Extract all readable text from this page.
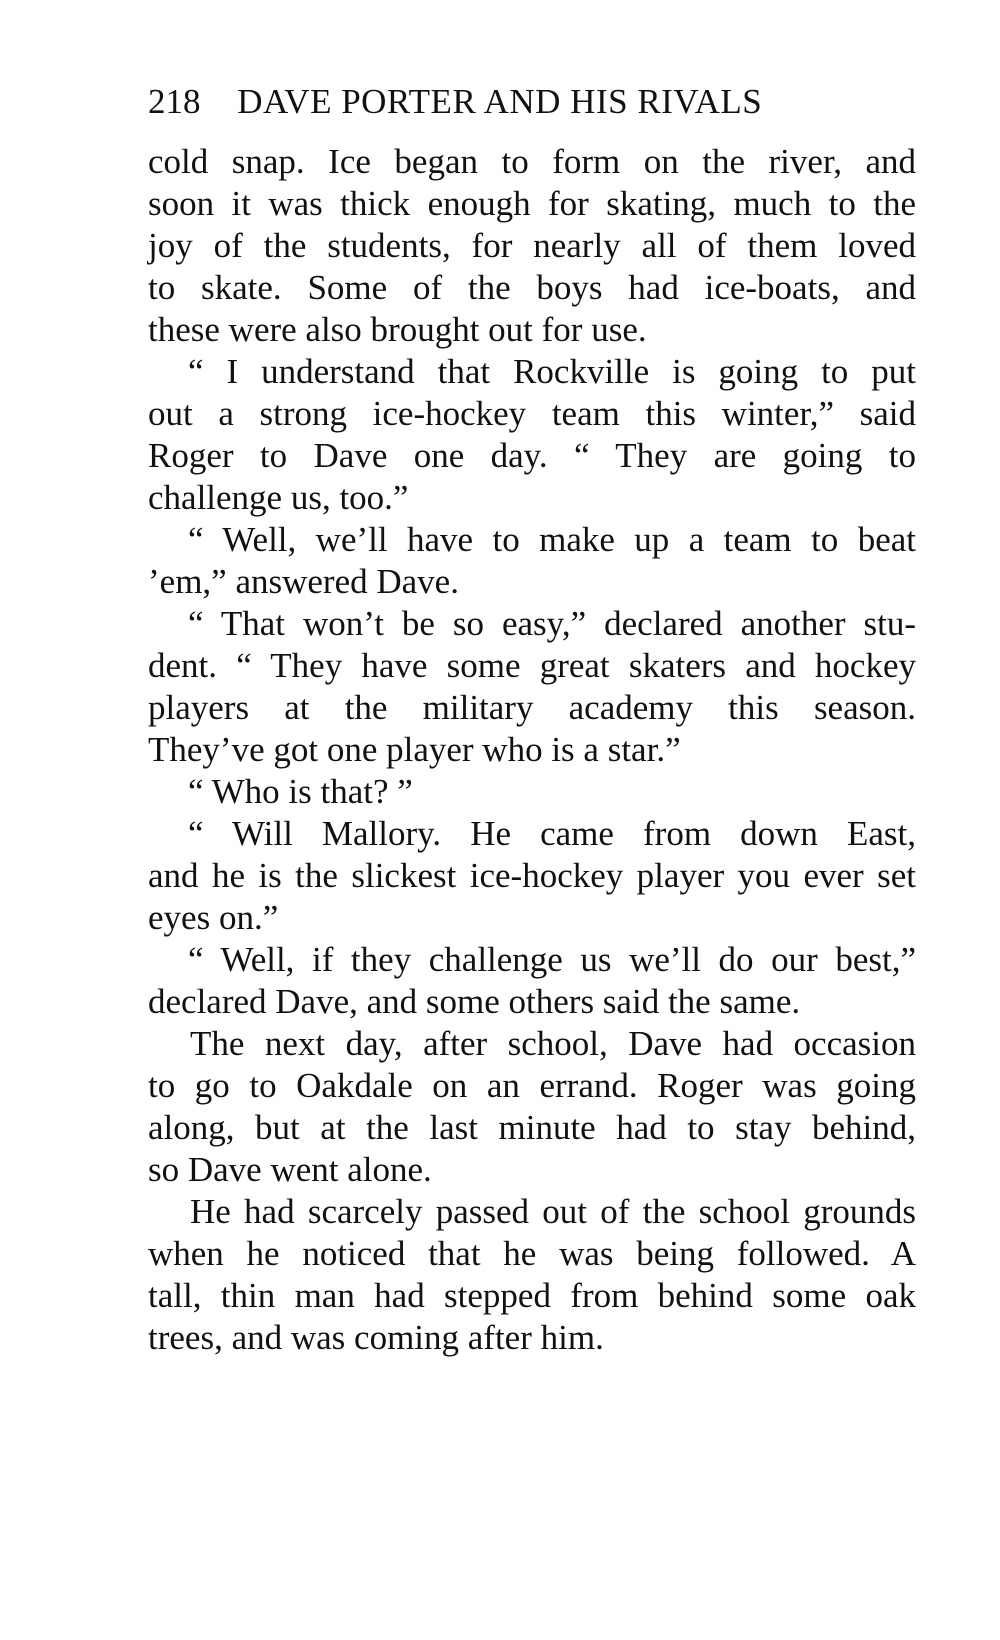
218 DAVE PORTER AND HIS RIVALS
cold snap. Ice began to form on the river, and
soon it was thick enough for skating, much to the
joy of the students, for nearly all of them loved
to skate. Some of the boys had ice-boats, and
these were also brought out for use.
“ I understand that Rockville is going to put
out a strong ice-hockey team this winter,” said
Roger to Dave one day. “ They are going to
challenge us, too.”
“ Well, we’ll have to make up a team to beat
’em,” answered Dave.
“ That won’t be so easy,” declared another stu-
dent. “ They have some great skaters and hockey
players at the military academy this season.
They’ve got one player who is a star.”
“ Who is that? ”
“ Will Mallory. He came from down East,
and he is the slickest ice-hockey player you ever set
eyes on.”
“ Well, if they challenge us we’ll do our best,”
declared Dave, and some others said the same.
The next day, after school, Dave had occasion
to go to Oakdale on an errand. Roger was going
along, but at the last minute had to stay behind,
so Dave went alone.
He had scarcely passed out of the school grounds
when he noticed that he was being followed. A
tall, thin man had stepped from behind some oak
trees, and was coming after him.
